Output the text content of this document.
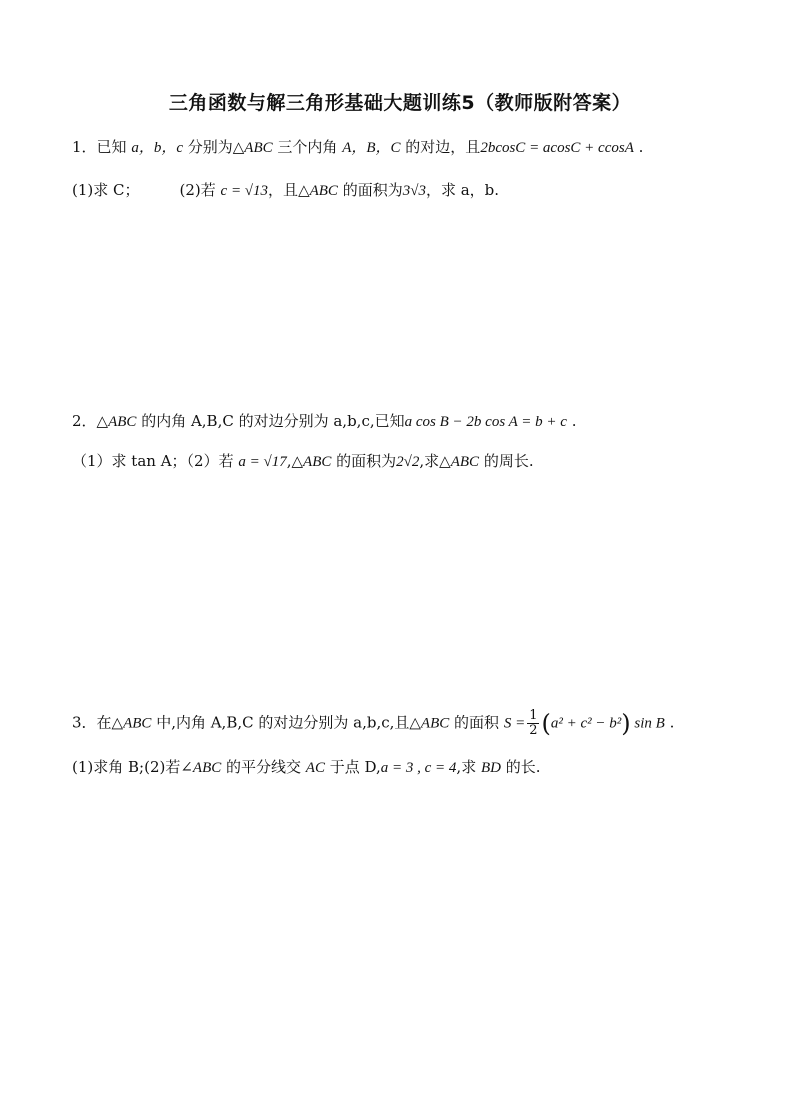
三角函数与解三角形基础大题训练5（教师版附答案）
1．已知 a，b，c 分别为△ABC 三个内角 A，B，C 的对边，且2bcosC = acosC + ccosA .
(1)求 C；	(2)若 c = √13，且△ABC 的面积为3√3，求 a，b.
2．△ABC 的内角 A,B,C 的对边分别为 a,b,c,已知a cos B − 2b cos A = b + c .
（1）求 tan A；（2）若 a = √17,△ABC 的面积为2√2,求△ABC 的周长.
3．在△ABC 中,内角 A,B,C 的对边分别为 a,b,c,且△ABC 的面积 $S = \frac{1}{2} (a^2 + c^2 - b^2)$ sin B .
(1)求角 B;(2)若∠ABC 的平分线交 AC 于点 D,a = 3 , c = 4,求 BD 的长.
